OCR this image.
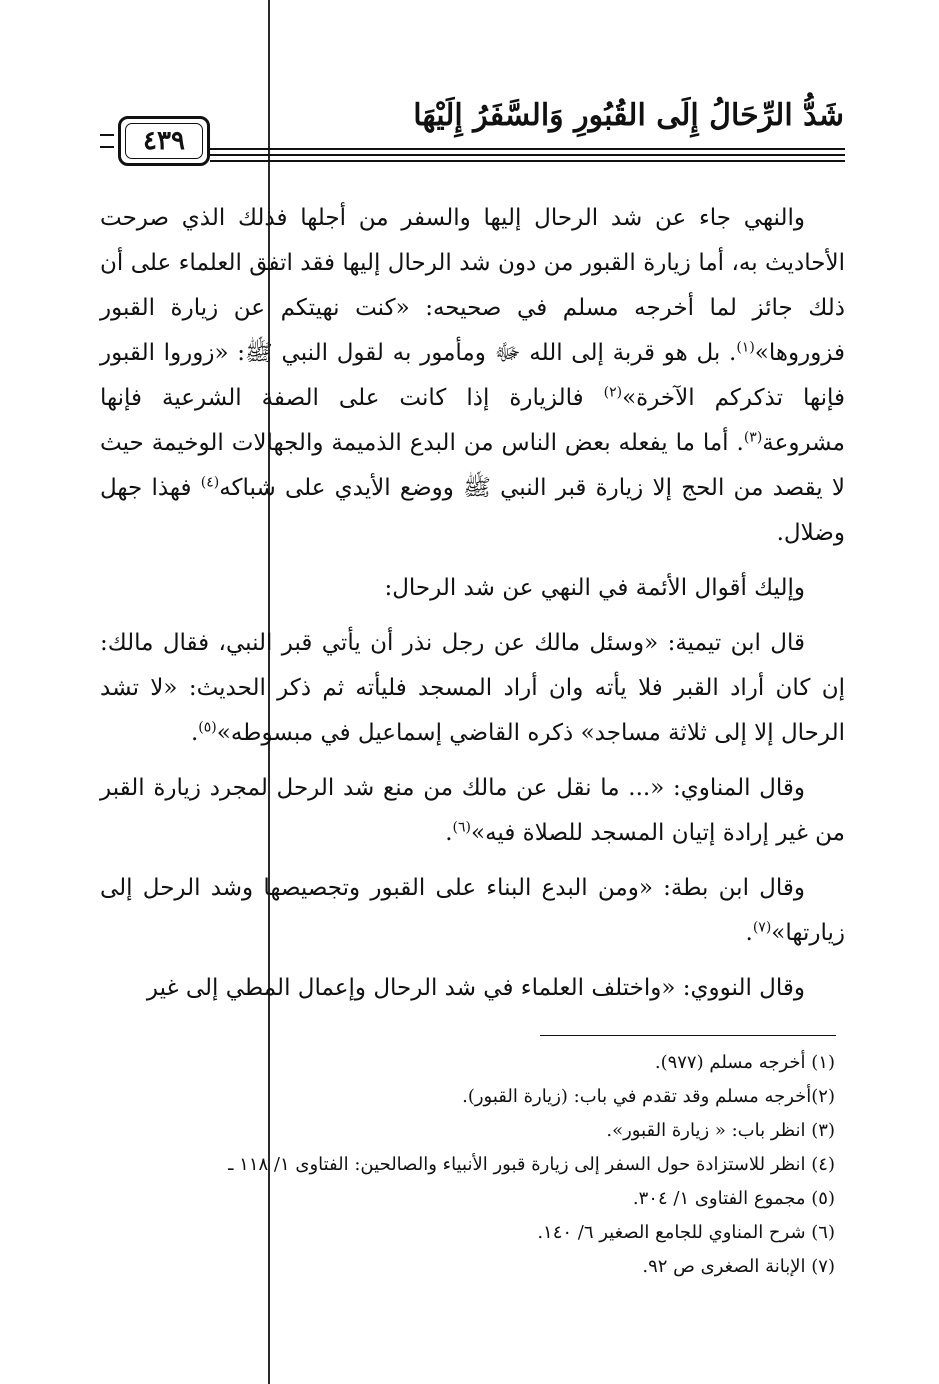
شَدُّ الرِّحَالُ إِلَى القُبُورِ وَالسَّفَرُ إِلَيْهَا
٤٣٩

والنهي جاء عن شد الرحال إليها والسفر من أجلها فذلك الذي صرحت الأحاديث به، أما زيارة القبور من دون شد الرحال إليها فقد اتفق العلماء على أن ذلك جائز لما أخرجه مسلم في صحيحه: «كنت نهيتكم عن زيارة القبور فزوروها»$^{(١)}$. بل هو قربة إلى الله ﷻ ومأمور به لقول النبي ﷺ: «زوروا القبور فإنها تذكركم الآخرة»$^{(٢)}$ فالزيارة إذا كانت على الصفة الشرعية فإنها مشروعة$^{(٣)}$. أما ما يفعله بعض الناس من البدع الذميمة والجهالات الوخيمة حيث لا يقصد من الحج إلا زيارة قبر النبي ﷺ ووضع الأيدي على شباكه$^{(٤)}$ فهذا جهل وضلال.

وإليك أقوال الأئمة في النهي عن شد الرحال:

قال ابن تيمية: «وسئل مالك عن رجل نذر أن يأتي قبر النبي، فقال مالك: إن كان أراد القبر فلا يأته وان أراد المسجد فليأته ثم ذكر الحديث: «لا تشد الرحال إلا إلى ثلاثة مساجد» ذكره القاضي إسماعيل في مبسوطه»$^{(٥)}$.

وقال المناوي: «... ما نقل عن مالك من منع شد الرحل لمجرد زيارة القبر من غير إرادة إتيان المسجد للصلاة فيه»$^{(٦)}$.

وقال ابن بطة: «ومن البدع البناء على القبور وتجصيصها وشد الرحل إلى زيارتها»$^{(٧)}$.

وقال النووي: «واختلف العلماء في شد الرحال وإعمال المطي إلى غير

(١) أخرجه مسلم (٩٧٧).
(٢)أخرجه مسلم وقد تقدم في باب: (زيارة القبور).
(٣) انظر باب: « زيارة القبور».
(٤) انظر للاستزادة حول السفر إلى زيارة قبور الأنبياء والصالحين: الفتاوى ١/ ١١٨ ـ
(٥) مجموع الفتاوى ١/ ٣٠٤.
(٦) شرح المناوي للجامع الصغير ٦/ ١٤٠.
(٧) الإبانة الصغرى ص ٩٢.
